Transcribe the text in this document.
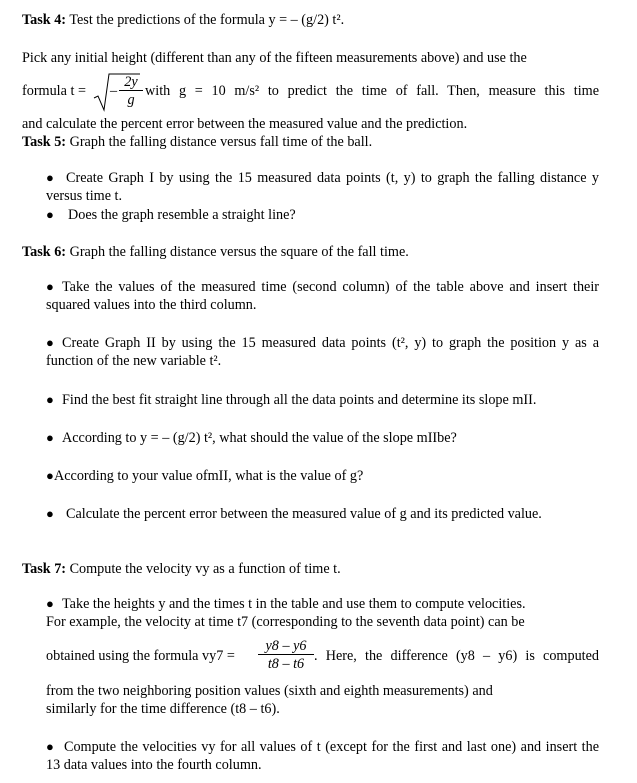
Task 4: Test the predictions of the formula y = – (g/2) t².
Pick any initial height (different than any of the fifteen measurements above) and use the
formula t = –
2y
g
with g = 10 m/s² to predict the time of fall. Then, measure this time
and calculate the percent error between the measured value and the prediction.
Task 5: Graph the falling distance versus fall time of the ball.
● Create Graph I by using the 15 measured data points (t, y) to graph the falling distance y versus time t.
● Does the graph resemble a straight line?
Task 6: Graph the falling distance versus the square of the fall time.
● Take the values of the measured time (second column) of the table above and insert their squared values into the third column.
● Create Graph II by using the 15 measured data points (t², y) to graph the position y as a function of the new variable t².
● Find the best fit straight line through all the data points and determine its slope mII.
● According to y = – (g/2) t², what should the value of the slope mIIbe?
● According to your value ofmII, what is the value of g?
● Calculate the percent error between the measured value of g and its predicted value.
Task 7: Compute the velocity vy as a function of time t.
● Take the heights y and the times t in the table and use them to compute velocities.
For example, the velocity at time t7 (corresponding to the seventh data point) can be
obtained using the formula vy7 =
y8 – y6
t8 – t6 . Here, the difference (y8 – y6) is computed
from the two neighboring position values (sixth and eighth measurements) and
similarly for the time difference (t8 – t6).
● Compute the velocities vy for all values of t (except for the first and last one) and insert the 13 data values into the fourth column.
